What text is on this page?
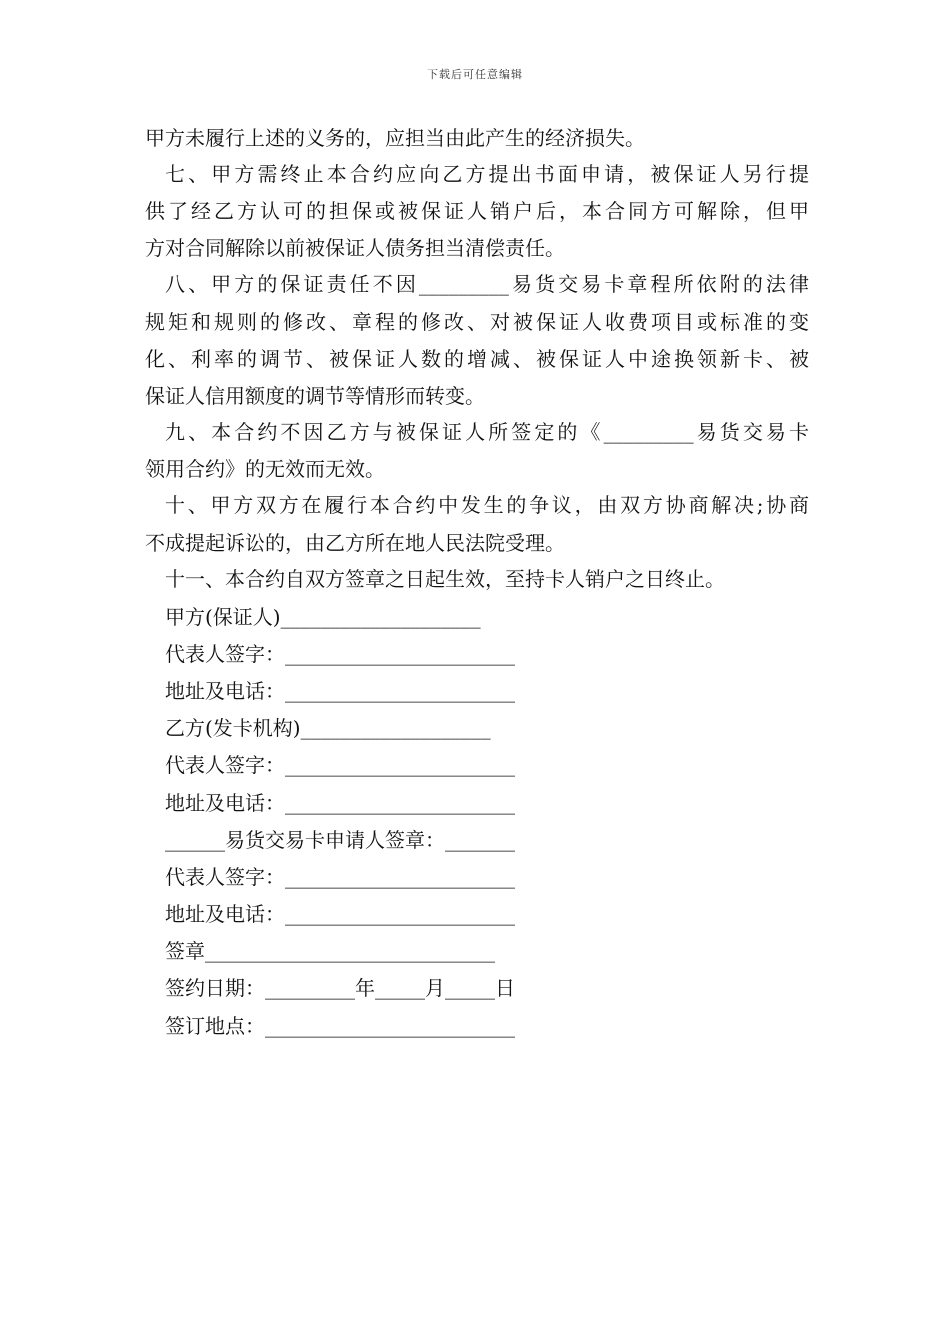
下载后可任意编辑
甲方未履行上述的义务的，应担当由此产生的经济损失。
七、甲方需终止本合约应向乙方提出书面申请，被保证人另行提
供了经乙方认可的担保或被保证人销户后，本合同方可解除，但甲
方对合同解除以前被保证人债务担当清偿责任。
八、甲方的保证责任不因_________易货交易卡章程所依附的法律
规矩和规则的修改、章程的修改、对被保证人收费项目或标准的变
化、利率的调节、被保证人数的增减、被保证人中途换领新卡、被
保证人信用额度的调节等情形而转变。
九、本合约不因乙方与被保证人所签定的《_________易货交易卡
领用合约》的无效而无效。
十、甲方双方在履行本合约中发生的争议，由双方协商解决;协商
不成提起诉讼的，由乙方所在地人民法院受理。
十一、本合约自双方签章之日起生效，至持卡人销户之日终止。
甲方(保证人)____________________
代表人签字：_______________________
地址及电话：_______________________
乙方(发卡机构)___________________
代表人签字：_______________________
地址及电话：_______________________
______易货交易卡申请人签章：_______
代表人签字：_______________________
地址及电话：_______________________
签章_____________________________
签约日期：_________年_____月_____日
签订地点：_________________________
